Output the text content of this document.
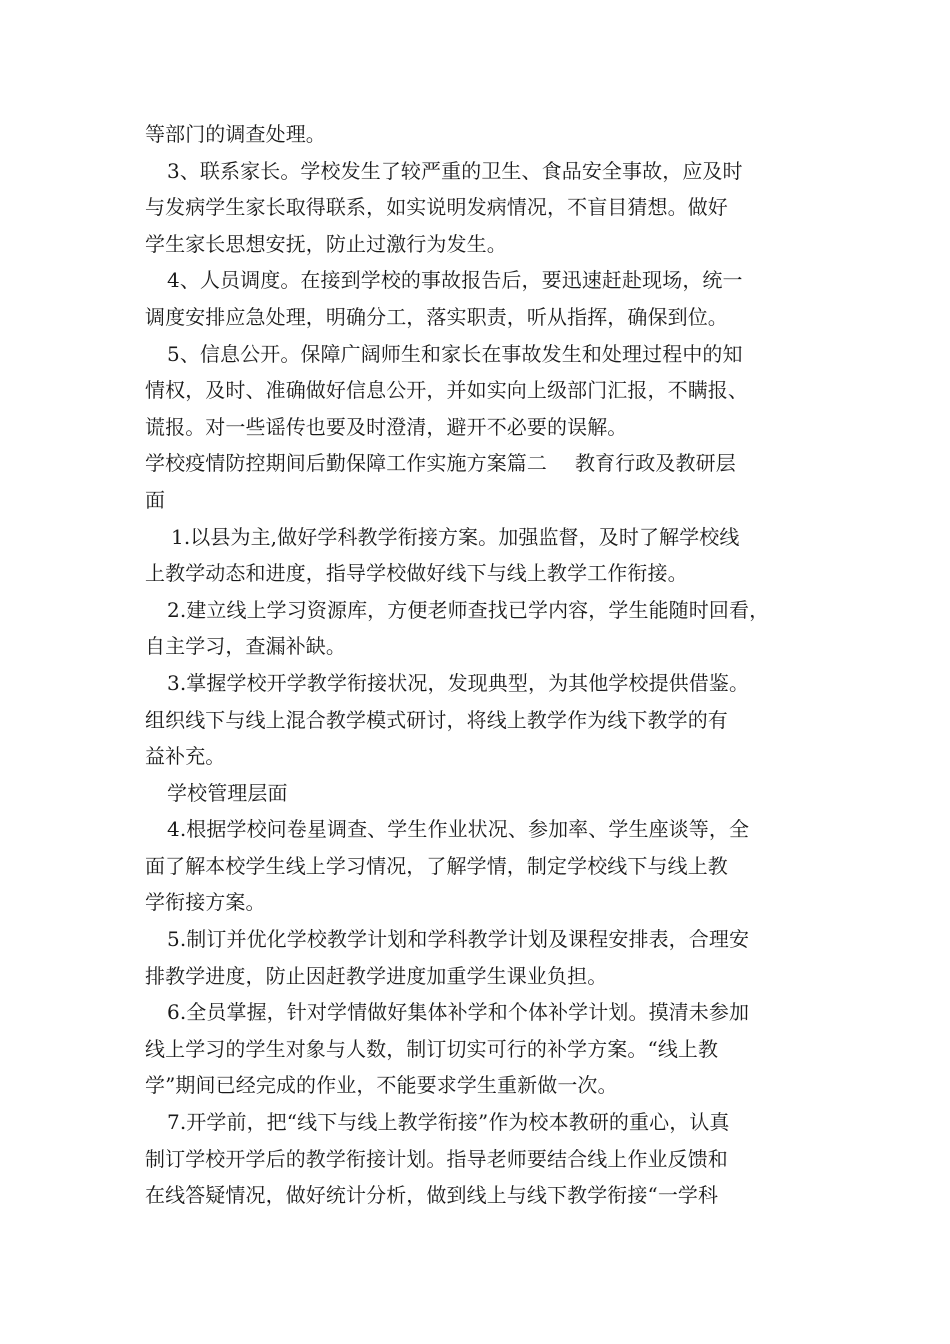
等部门的调查处理。
3、联系家长。学校发生了较严重的卫生、食品安全事故，应及时
与发病学生家长取得联系，如实说明发病情况，不盲目猜想。做好
学生家长思想安抚，防止过激行为发生。
4、人员调度。在接到学校的事故报告后，要迅速赶赴现场，统一
调度安排应急处理，明确分工，落实职责，听从指挥，确保到位。
5、信息公开。保障广阔师生和家长在事故发生和处理过程中的知
情权，及时、准确做好信息公开，并如实向上级部门汇报，不瞒报、
谎报。对一些谣传也要及时澄清，避开不必要的误解。
学校疫情防控期间后勤保障工作实施方案篇二 教育行政及教研层
面
1.以县为主,做好学科教学衔接方案。加强监督，及时了解学校线
上教学动态和进度，指导学校做好线下与线上教学工作衔接。
2.建立线上学习资源库，方便老师查找已学内容，学生能随时回看，
自主学习，查漏补缺。
3.掌握学校开学教学衔接状况，发现典型，为其他学校提供借鉴。
组织线下与线上混合教学模式研讨，将线上教学作为线下教学的有
益补充。
学校管理层面
4.根据学校问卷星调查、学生作业状况、参加率、学生座谈等，全
面了解本校学生线上学习情况，了解学情，制定学校线下与线上教
学衔接方案。
5.制订并优化学校教学计划和学科教学计划及课程安排表，合理安
排教学进度，防止因赶教学进度加重学生课业负担。
6.全员掌握，针对学情做好集体补学和个体补学计划。摸清未参加
线上学习的学生对象与人数，制订切实可行的补学方案。“线上教
学”期间已经完成的作业，不能要求学生重新做一次。
7.开学前，把“线下与线上教学衔接”作为校本教研的重心，认真
制订学校开学后的教学衔接计划。指导老师要结合线上作业反馈和
在线答疑情况，做好统计分析，做到线上与线下教学衔接“一学科
